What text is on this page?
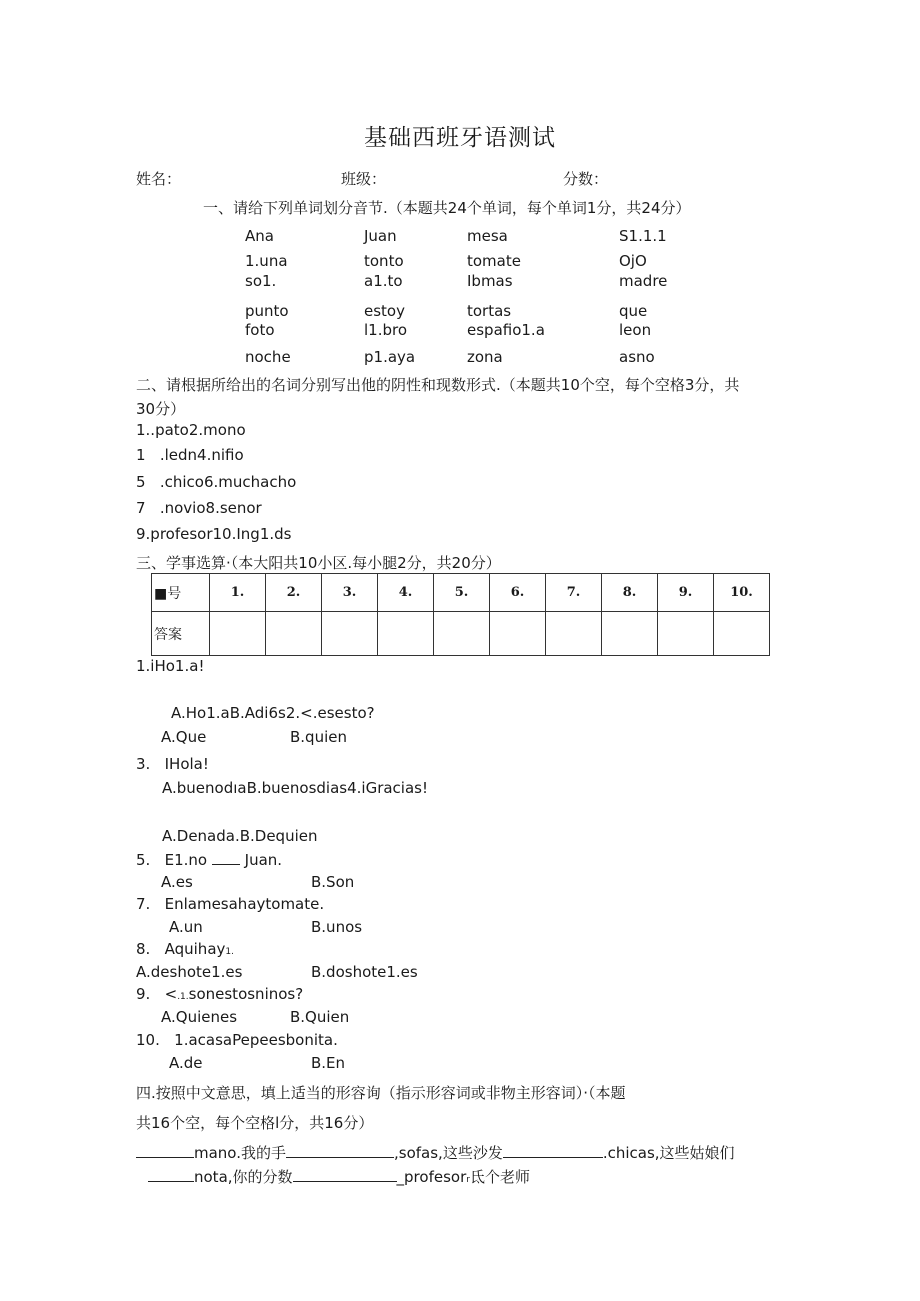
基础西班牙语测试
姓名：	班级：	分数：
一、请给下列单词划分音节.（本题共24个单词，每个单词1分，共24分）
Ana	Juan	mesa	S1.1.1
1.una	tonto	tomate	OjO
so1.	a1.to	Ibmas	madre
punto	estoy	tortas	que
foto	l1.bro	espafio1.a	leon
noche	p1.aya	zona	asno
二、请根据所给出的名词分别写出他的阴性和现数形式.（本题共10个空，每个空格3分，共
30分）
1..pato2.mono
1   .ledn4.nifio
5   .chico6.muchacho
7   .novio8.senor
9.profesor10.Ing1.ds
三、学事选算·（本大阳共10小区.每小腿2分，共20分）
■号	1.	2.	3.	4.	5.	6.	7.	8.	9.	10.
答案										
1.iHo1.a!
A.Ho1.aB.Adi6s2.<.esesto?
A.Que	B.quien
3.   IHola!
A.buenodıaB.buenosdias4.iGracias!
A.Denada.B.Dequien
5.   E1.no	Juan.
A.es	B.Son
7.   Enlamesahaytomate.
A.un	B.unos
8.   Aquihay1.
A.deshote1.es	B.doshote1.es
9.   <.1.sonestosninos?
A.Quienes	B.Quien
10.   1.acasaPepeesbonita.
A.de	B.En
四.按照中文意思，填上适当的形容询（指示形容词或非物主形容词）·（本题
共16个空，每个空格l分，共16分）
mano.我的手	,sofas,这些沙发	.chicas,这些姑娘们
nota,你的分数	_profesorr氐个老师
